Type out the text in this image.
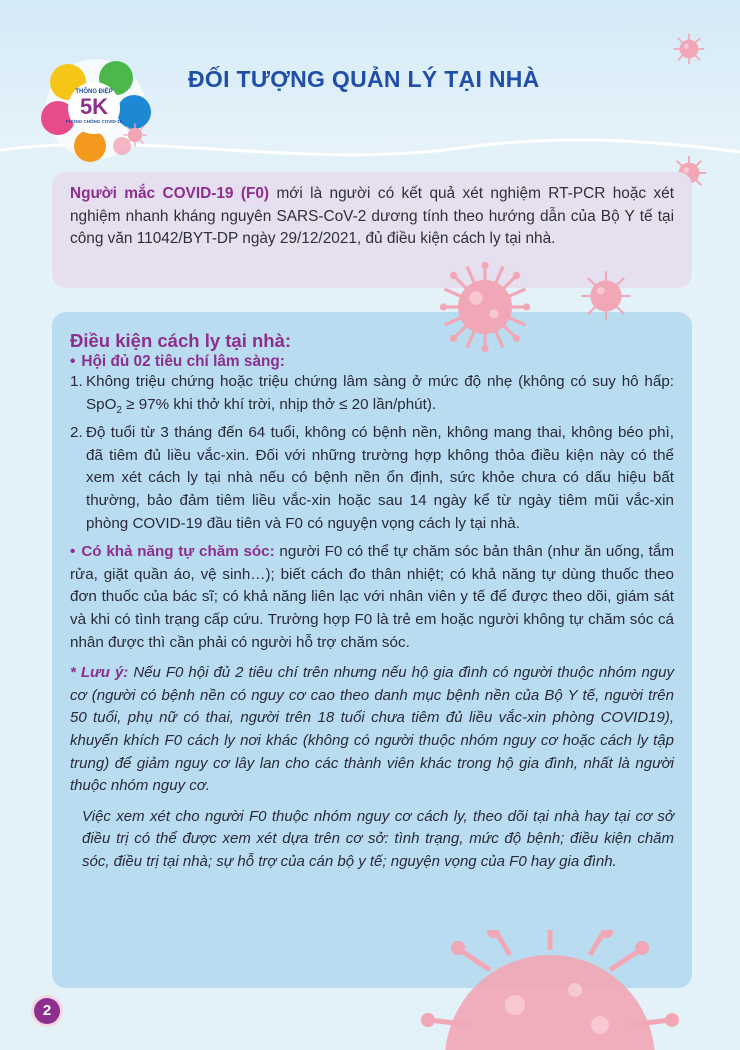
THÔNG ĐIỆP
5K
PHÒNG CHỐNG COVID-19
ĐỐI TƯỢNG QUẢN LÝ TẠI NHÀ

Người mắc COVID-19 (F0) mới là người có kết quả xét nghiệm RT-PCR hoặc xét nghiệm nhanh kháng nguyên SARS-CoV-2 dương tính theo hướng dẫn của Bộ Y tế tại công văn 11042/BYT-DP ngày 29/12/2021, đủ điều kiện cách ly tại nhà.

Điều kiện cách ly tại nhà:
• Hội đủ 02 tiêu chí lâm sàng:
1. Không triệu chứng hoặc triệu chứng lâm sàng ở mức độ nhẹ (không có suy hô hấp: SpO$_2$ ≥ 97% khi thở khí trời, nhịp thở ≤ 20 lần/phút).

2. Độ tuổi từ 3 tháng đến 64 tuổi, không có bệnh nền, không mang thai, không béo phì, đã tiêm đủ liều vắc-xin. Đối với những trường hợp không thỏa điều kiện này có thể xem xét cách ly tại nhà nếu có bệnh nền ổn định, sức khỏe chưa có dấu hiệu bất thường, bảo đảm tiêm liều vắc-xin hoặc sau 14 ngày kể từ ngày tiêm mũi vắc-xin phòng COVID-19 đầu tiên và F0 có nguyện vọng cách ly tại nhà.

• Có khả năng tự chăm sóc: người F0 có thể tự chăm sóc bản thân (như ăn uống, tắm rửa, giặt quần áo, vệ sinh…); biết cách đo thân nhiệt; có khả năng tự dùng thuốc theo đơn thuốc của bác sĩ; có khả năng liên lạc với nhân viên y tế để được theo dõi, giám sát và khi có tình trạng cấp cứu. Trường hợp F0 là trẻ em hoặc người không tự chăm sóc cá nhân được thì cần phải có người hỗ trợ chăm sóc.

* Lưu ý: Nếu F0 hội đủ 2 tiêu chí trên nhưng nếu hộ gia đình có người thuộc nhóm nguy cơ (người có bệnh nền có nguy cơ cao theo danh mục bệnh nền của Bộ Y tế, người trên 50 tuổi, phụ nữ có thai, người trên 18 tuổi chưa tiêm đủ liều vắc-xin phòng COVID19), khuyến khích F0 cách ly nơi khác (không có người thuộc nhóm nguy cơ hoặc cách ly tập trung) để giảm nguy cơ lây lan cho các thành viên khác trong hộ gia đình, nhất là người thuộc nhóm nguy cơ.

Việc xem xét cho người F0 thuộc nhóm nguy cơ cách ly, theo dõi tại nhà hay tại cơ sở điều trị có thể được xem xét dựa trên cơ sở: tình trạng, mức độ bệnh; điều kiện chăm sóc, điều trị tại nhà; sự hỗ trợ của cán bộ y tế; nguyện vọng của F0 hay gia đình.

2
